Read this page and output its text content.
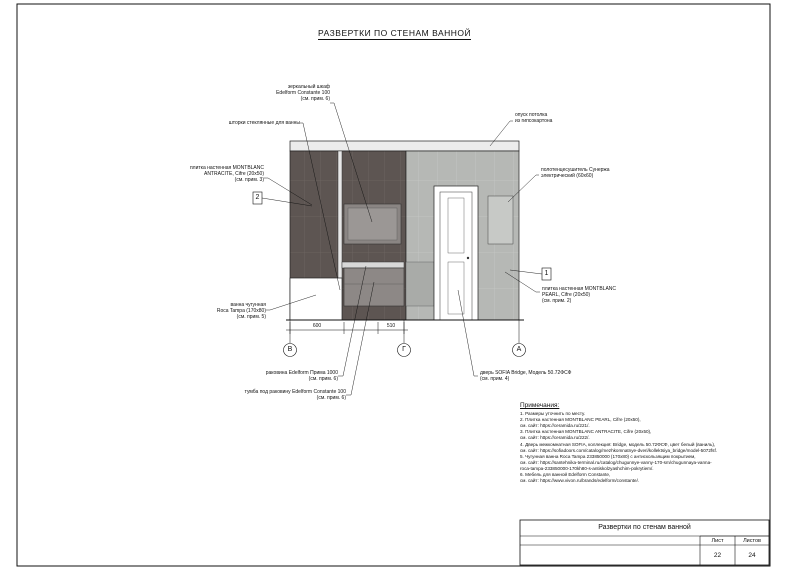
РАЗВЕРТКИ ПО СТЕНАМ ВАННОЙ
зеркальный шкаф
Edelform Constante 100
(см. прим. 6)
шторки стеклянные для ванны
опуск потолка
из гипсокартона
плитка настенная MONTBLANC
ANTRACITE, Cifre (20х50)
(см. прим. 3)
2
полотенцесушитель Сунержа
электрический (60х60)
1
плитка настенная MONTBLANC
PEARL, Cifre (20х50)
(см. прим. 2)
ванна чугунная
Roca Tampa (170х80)
(см. прим. 5)
600	510
В	Г	А
раковина Edelform Прима 1000
(см. прим. 6)
тумба под раковину Edelform Constante 100
(см. прим. 6)
дверь SOFIA Bridge, Модель 50.72ФСФ
(см. прим. 4)
Примечания:
1. Размеры уточнить по месту.
2. Плитка настенная MONTBLANC PEARL, Cifre (20х50),
см. сайт: https://ceramida.ru/221/.
3. Плитка настенная MONTBLANC ANTRACITE, Cifre (20х50),
см. сайт: https://ceramida.ru/222/.
4. Дверь межкомнатная SOFIA, коллекция: Bridge, модель 50.72ФСФ, цвет белый (ваниль),
см. сайт: https://sofiadoors.com/catalog/mezhkomnatnye-dveri/kollektsiya_bridge/model-5072fsf.
5. Чугунная ванна Roca Tampa 233850000 (170х80) с антискользящим покрытием,
см. сайт: https://santehnika-terminal.ru/catalog/chugunnye-vanny-170-sm/chugunnaya-vanna-
roca-tampa-233850000-170kh80-s-antiskolzyashchim-pokrytiem/.
6. Мебель для ванной Edelform Constante,
см. сайт: https://www.vivon.ru/brands/edelform/constante/.
Развертки по стенам ванной
Лист	Листов
22	24
